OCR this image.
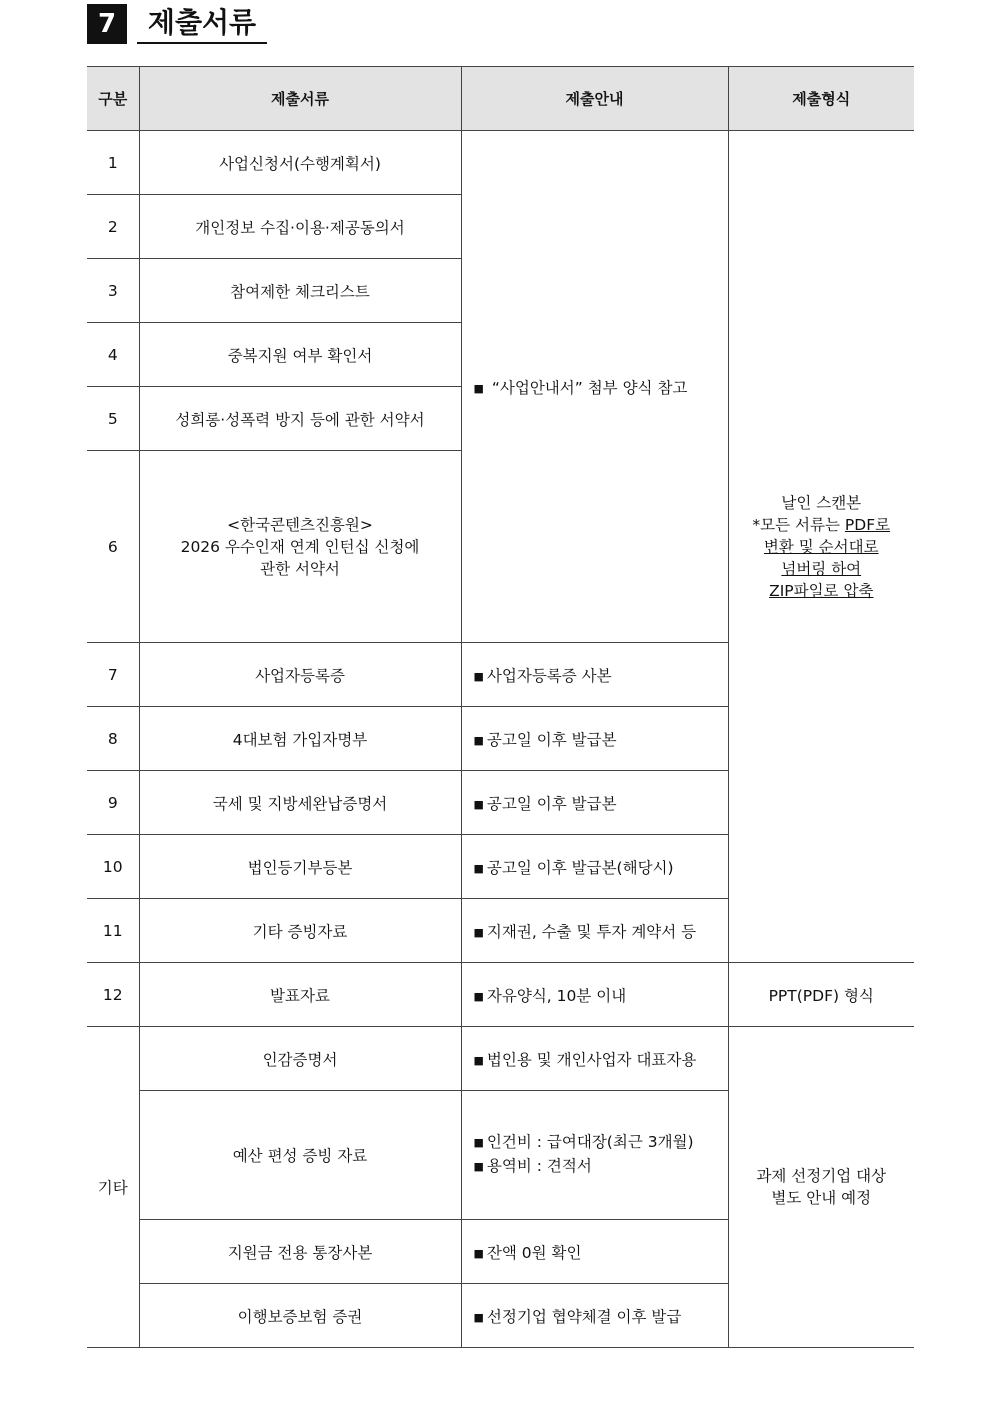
7	제출서류
구분	제출서류	제출안내	제출형식
1	사업신청서(수행계획서)	■ “사업안내서” 첨부 양식 참고	날인 스캔본
*모든 서류는 PDF로
변환 및 순서대로
넘버링 하여
ZIP파일로 압축

2	개인정보 수집·이용·제공동의서		
3	참여제한 체크리스트		
4	중복지원 여부 확인서		
5	성희롱·성폭력 방지 등에 관한 서약서		
6	<한국콘텐츠진흥원>
2026 우수인재 연계 인턴십 신청에
관한 서약서		

7	사업자등록증	■ 사업자등록증 사본	
8	4대보험 가입자명부	■ 공고일 이후 발급본	
9	국세 및 지방세완납증명서	■ 공고일 이후 발급본	
10	법인등기부등본	■ 공고일 이후 발급본(해당시)	
11	기타 증빙자료	■ 지재권, 수출 및 투자 계약서 등	
12	발표자료	■ 자유양식, 10분 이내	PPT(PDF) 형식
기타	인감증명서	■ 법인용 및 개인사업자 대표자용	과제 선정기업 대상
별도 안내 예정

	예산 편성 증빙 자료	■ 인건비 : 급여대장(최근 3개월)
■ 용역비 : 견적서	

	지원금 전용 통장사본	■ 잔액 0원 확인	
	이행보증보험 증권	■ 선정기업 협약체결 이후 발급	
